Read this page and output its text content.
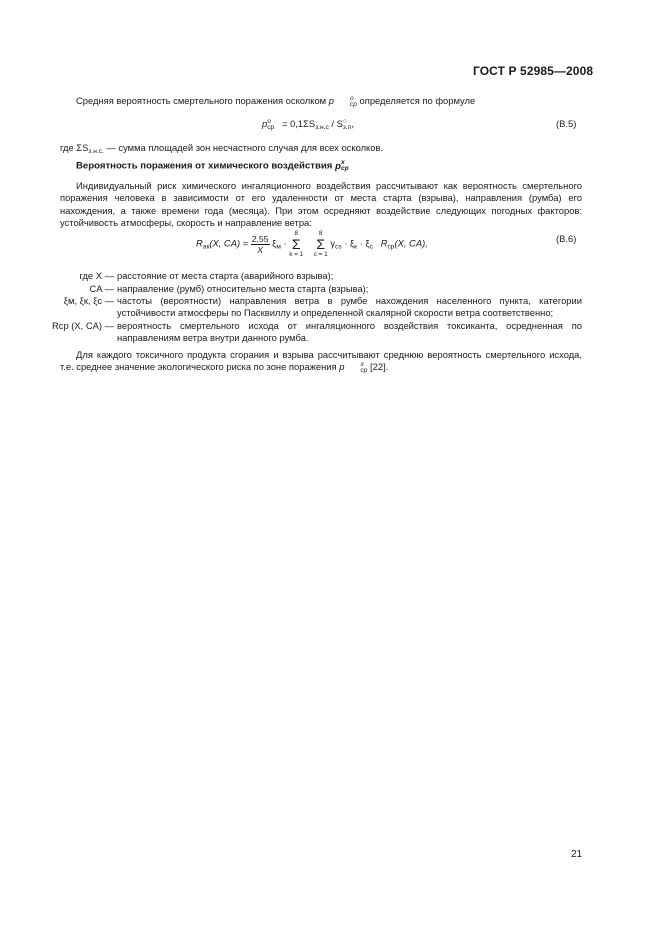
ГОСТ Р 52985—2008
Средняя вероятность смертельного поражения осколком p	o
ср определяется по формуле
p o
ср = $0,1\Sigma S_{з.н.с}$ / S ○
з.п ,	(В.5)
где $\Sigma S_{з.н.с.}$ — сумма площадей зон несчастного случая для всех осколков.
Вероятность поражения от химического воздействия p x
ср
Индивидуальный риск химического ингаляционного воздействия рассчитывают как вероятность смертельного поражения человека в зависимости от его удаленности от места старта (взрыва), направления (румба) его нахождения, а также времени года (месяца). При этом осредняют воздействие следующих погодных факторов: устойчивость атмосферы, скорость и направление ветра:
$R_{ак}(X$, $CA) = \frac{2,55}{X} \xi_м$ ·
8
Σ
k = 1

8
Σ
c = 1
$\gamma_{cs} \cdot \xi_к \cdot \xi_с$ $R_{ср}(X$, CA),	(В.6)
где X — расстояние от места старта (аварийного взрыва);
CA — направление (румб) относительно места старта (взрыва);
ξм, ξк, ξс — частоты (вероятности) направления ветра в румбе нахождения населенного пункта, категории устойчивости атмосферы по Пасквиллу и определенной скалярной скорости ветра соответственно;
Rср (X, CA) — вероятность смертельного исхода от ингаляционного воздействия токсиканта, осредненная по направлениям ветра внутри данного румба.
Для каждого токсичного продукта сгорания и взрыва рассчитывают среднюю вероятность смертельного исхода, т.е. среднее значение экологического риска по зоне поражения p	x
ср [22].
21
